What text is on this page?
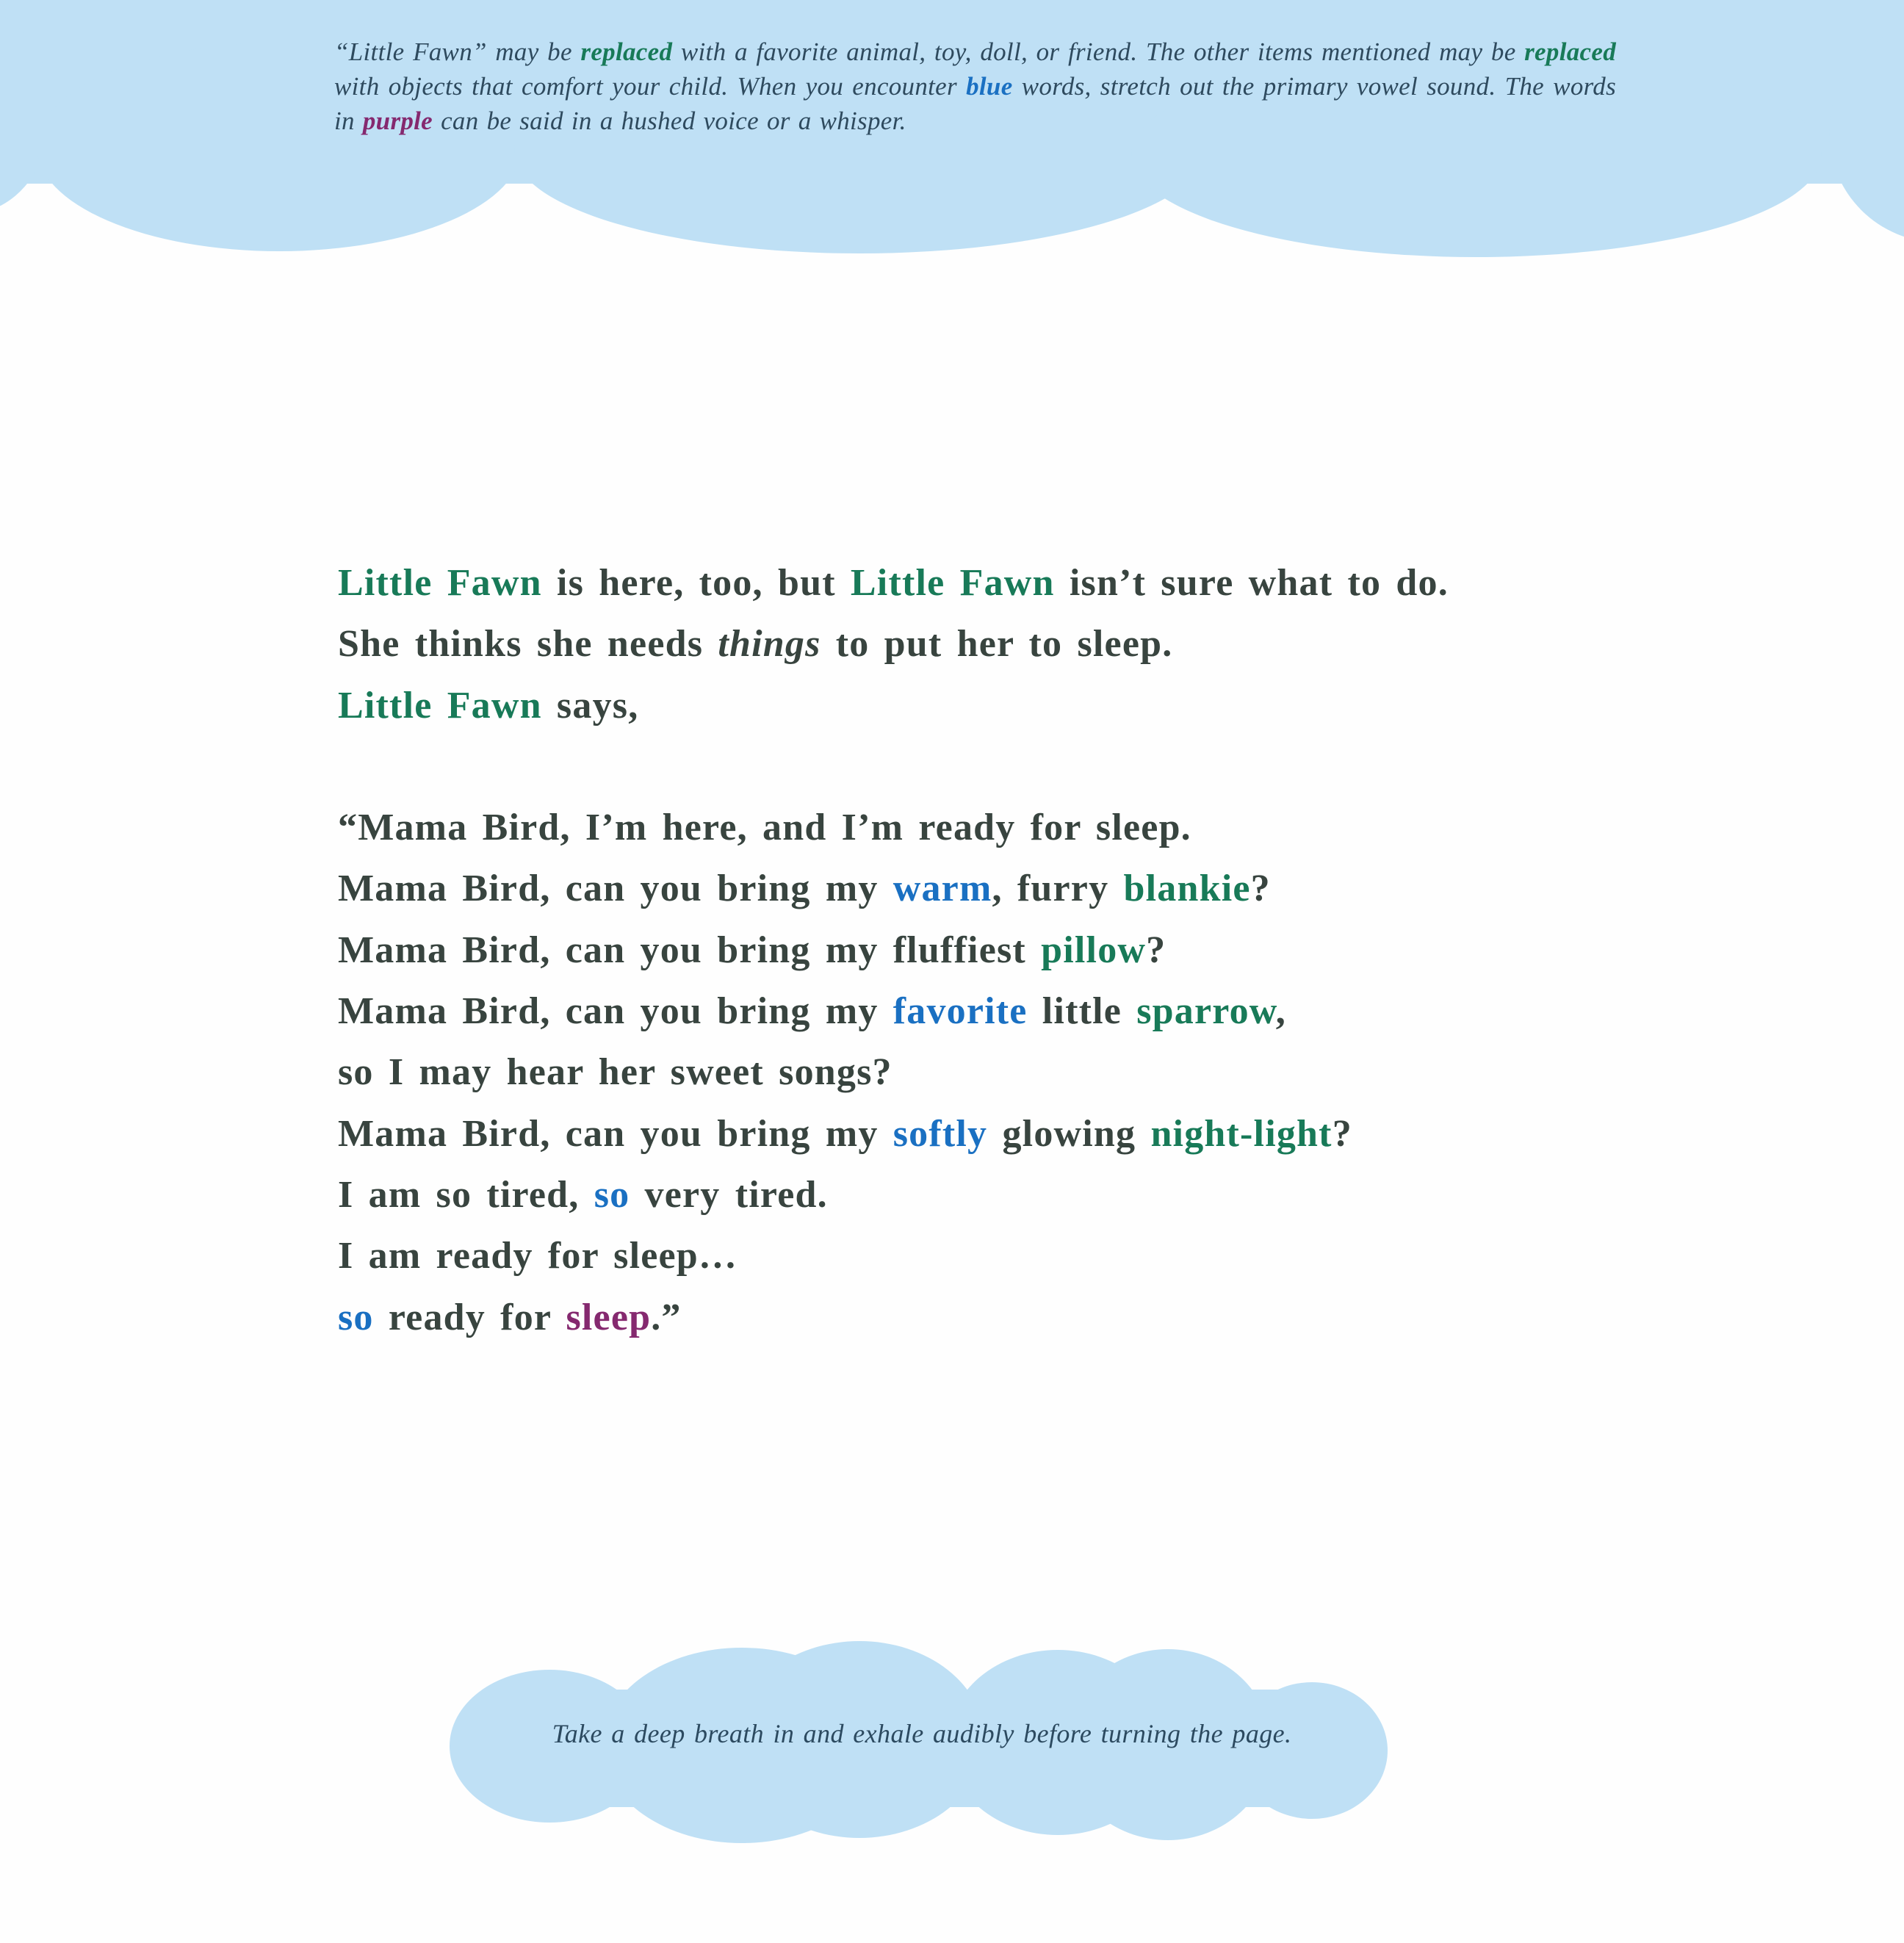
“Little Fawn” may be replaced with a favorite animal, toy, doll, or friend. The other items mentioned may be replaced with objects that comfort your child. When you encounter blue words, stretch out the primary vowel sound. The words in purple can be said in a hushed voice or a whisper.
Little Fawn is here, too, but Little Fawn isn’t sure what to do.
She thinks she needs things to put her to sleep.
Little Fawn says,
“Mama Bird, I’m here, and I’m ready for sleep.
Mama Bird, can you bring my warm, furry blankie?
Mama Bird, can you bring my fluffiest pillow?
Mama Bird, can you bring my favorite little sparrow,
so I may hear her sweet songs?
Mama Bird, can you bring my softly glowing night-light?
I am so tired, so very tired.
I am ready for sleep…
so ready for sleep.”
Take a deep breath in and exhale audibly before turning the page.
